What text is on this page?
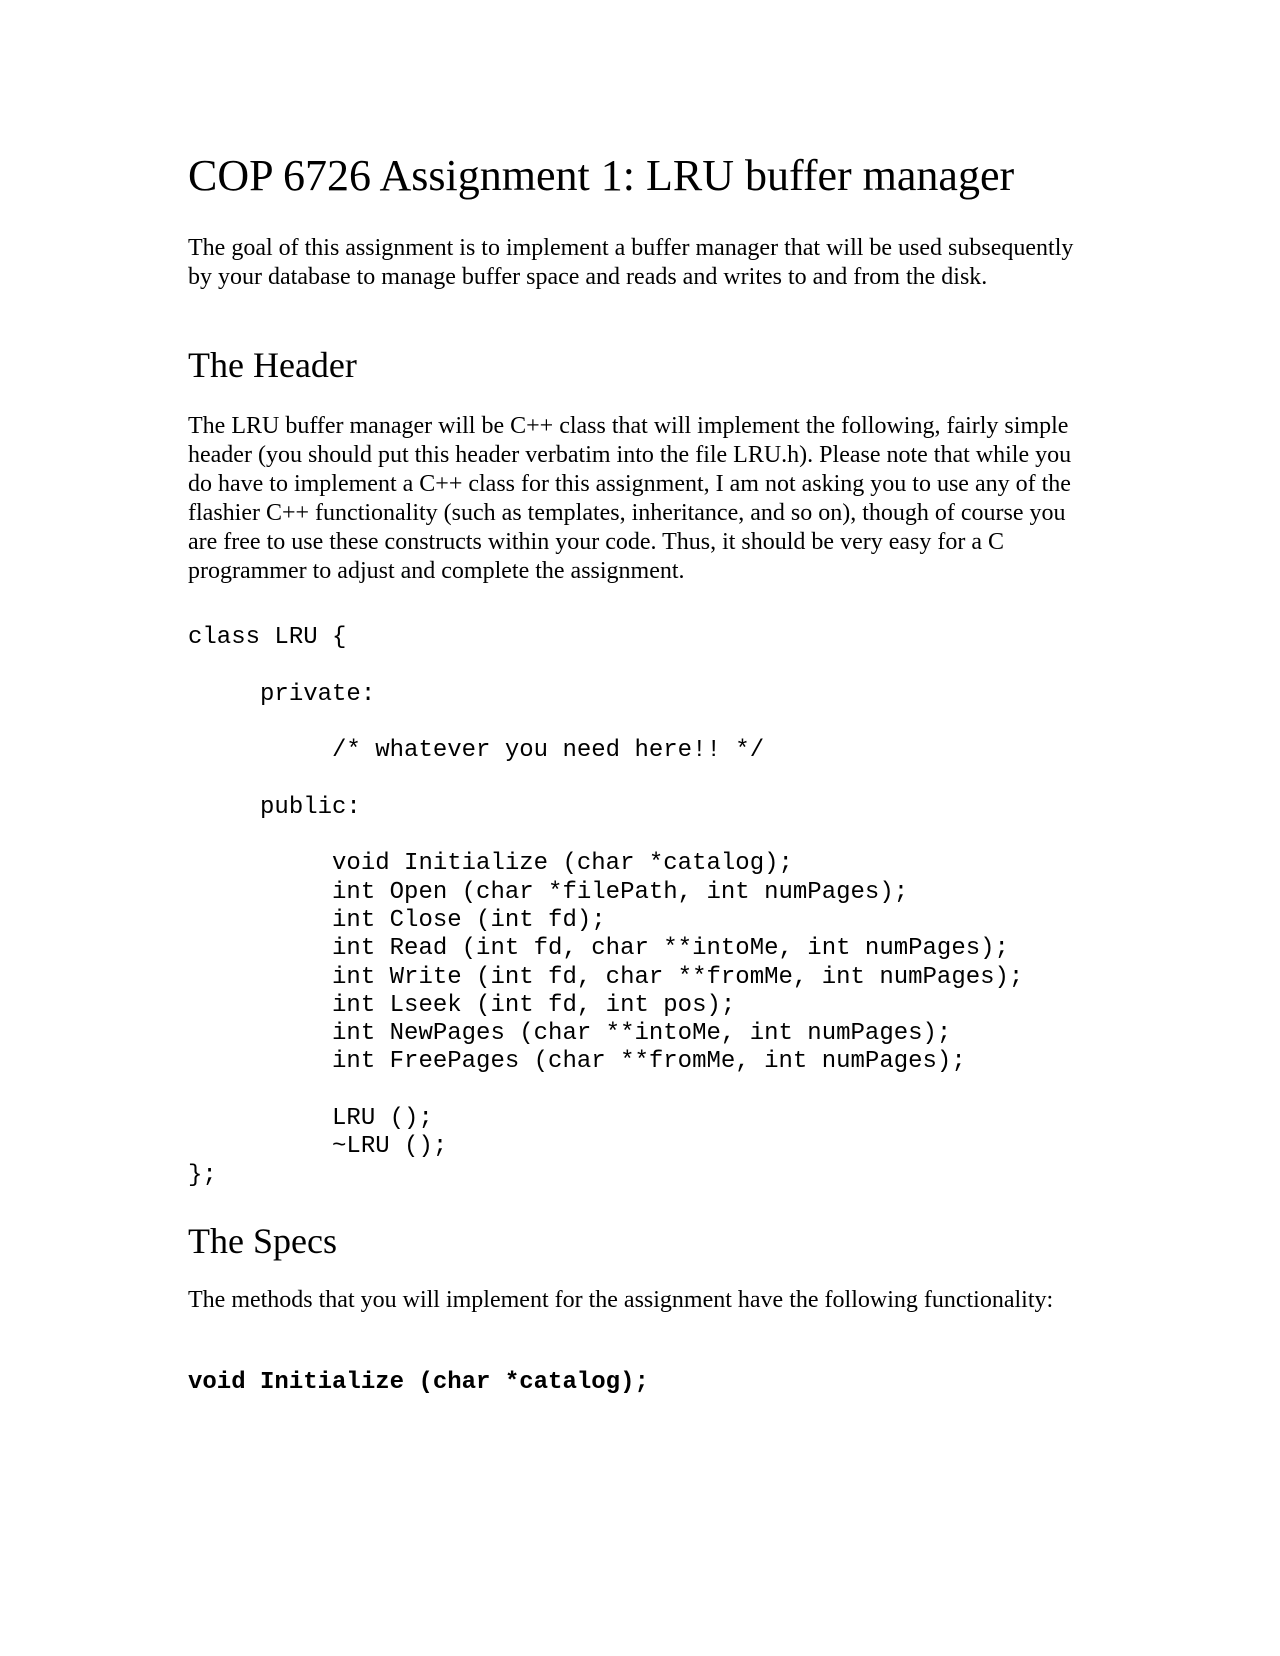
COP 6726 Assignment 1: LRU buffer manager

The goal of this assignment is to implement a buffer manager that will be used subsequently by your database to manage buffer space and reads and writes to and from the disk.

The Header

The LRU buffer manager will be C++ class that will implement the following, fairly simple header (you should put this header verbatim into the file LRU.h). Please note that while you do have to implement a C++ class for this assignment, I am not asking you to use any of the flashier C++ functionality (such as templates, inheritance, and so on), though of course you are free to use these constructs within your code. Thus, it should be very easy for a C programmer to adjust and complete the assignment.

class LRU {

private:

/* whatever you need here!! */

public:

void Initialize (char *catalog);
int Open (char *filePath, int numPages);
int Close (int fd);
int Read (int fd, char **intoMe, int numPages);
int Write (int fd, char **fromMe, int numPages);
int Lseek (int fd, int pos);
int NewPages (char **intoMe, int numPages);
int FreePages (char **fromMe, int numPages);

LRU ();
~LRU ();
};
The Specs

The methods that you will implement for the assignment have the following functionality:

void Initialize (char *catalog);
